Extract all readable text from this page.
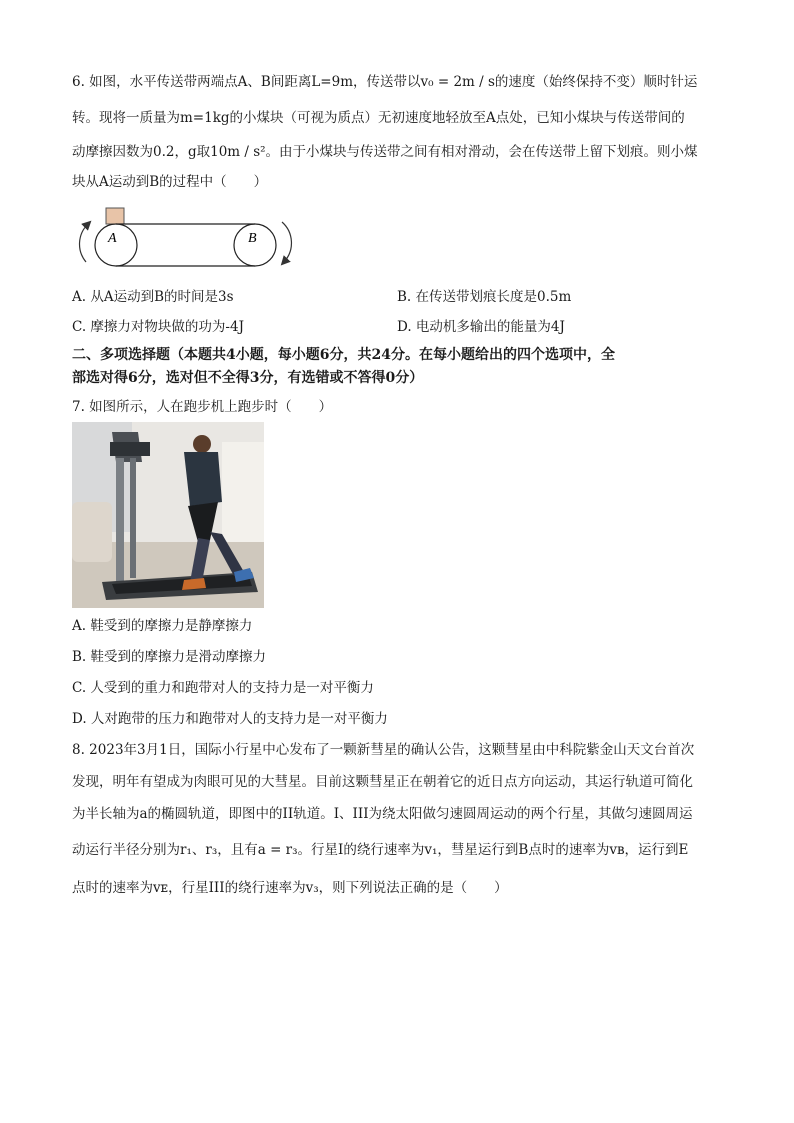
6. 如图，水平传送带两端点A、B间距离L=9m，传送带以v₀ = 2m / s的速度（始终保持不变）顺时针运
转。现将一质量为m=1kg的小煤块（可视为质点）无初速度地轻放至A点处，已知小煤块与传送带间的
动摩擦因数为0.2，g取10m / s²。由于小煤块与传送带之间有相对滑动，会在传送带上留下划痕。则小煤
块从A运动到B的过程中（　　）
A	B
A. 从A运动到B的时间是3s	B. 在传送带划痕长度是0.5m
C. 摩擦力对物块做的功为-4J	D. 电动机多输出的能量为4J
二、多项选择题（本题共4小题，每小题6分，共24分。在每小题给出的四个选项中，全
部选对得6分，选对但不全得3分，有选错或不答得0分）
7. 如图所示，人在跑步机上跑步时（　　）
A. 鞋受到的摩擦力是静摩擦力
B. 鞋受到的摩擦力是滑动摩擦力
C. 人受到的重力和跑带对人的支持力是一对平衡力
D. 人对跑带的压力和跑带对人的支持力是一对平衡力
8. 2023年3月1日，国际小行星中心发布了一颗新彗星的确认公告，这颗彗星由中科院紫金山天文台首次
发现，明年有望成为肉眼可见的大彗星。目前这颗彗星正在朝着它的近日点方向运动，其运行轨道可简化
为半长轴为a的椭圆轨道，即图中的II轨道。I、III为绕太阳做匀速圆周运动的两个行星，其做匀速圆周运
动运行半径分别为r₁、r₃，且有a = r₃。行星I的绕行速率为v₁，彗星运行到B点时的速率为vʙ，运行到E
点时的速率为vᴇ，行星III的绕行速率为v₃，则下列说法正确的是（　　）
